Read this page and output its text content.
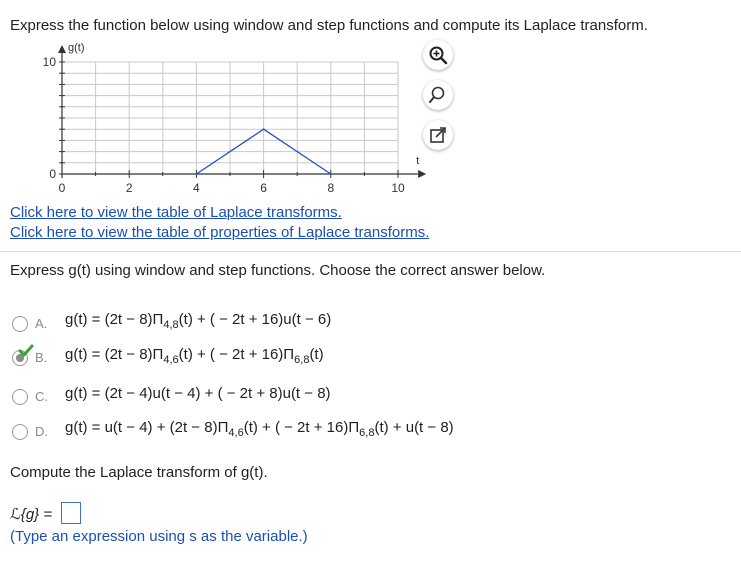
Express the function below using window and step functions and compute its Laplace transform.
0	2	4	6	8	10
10
0
g(t)
t
Click here to view the table of Laplace transforms.
Click here to view the table of properties of Laplace transforms.
Express g(t) using window and step functions. Choose the correct answer below.
A. $g(t) = (2t - 8)\Pi_{4,8}(t)$ + ( − 2t + 16)u(t − 6)
B. $g(t) = (2t - 8)\Pi_{4,6}(t)$ + ( − $2t + 16)\Pi_{6,8}(t)$
C. g(t) = (2t − 4)u(t − 4) + ( − 2t + 8)u(t − 8)
D. $g(t) = u(t - 4) + (2t - 8)\Pi_{4,6}(t)$ + ( − $2t + 16)\Pi_{6,8}(t) + u(t - 8)$
Compute the Laplace transform of g(t).
ℒ{g} =
(Type an expression using s as the variable.)
